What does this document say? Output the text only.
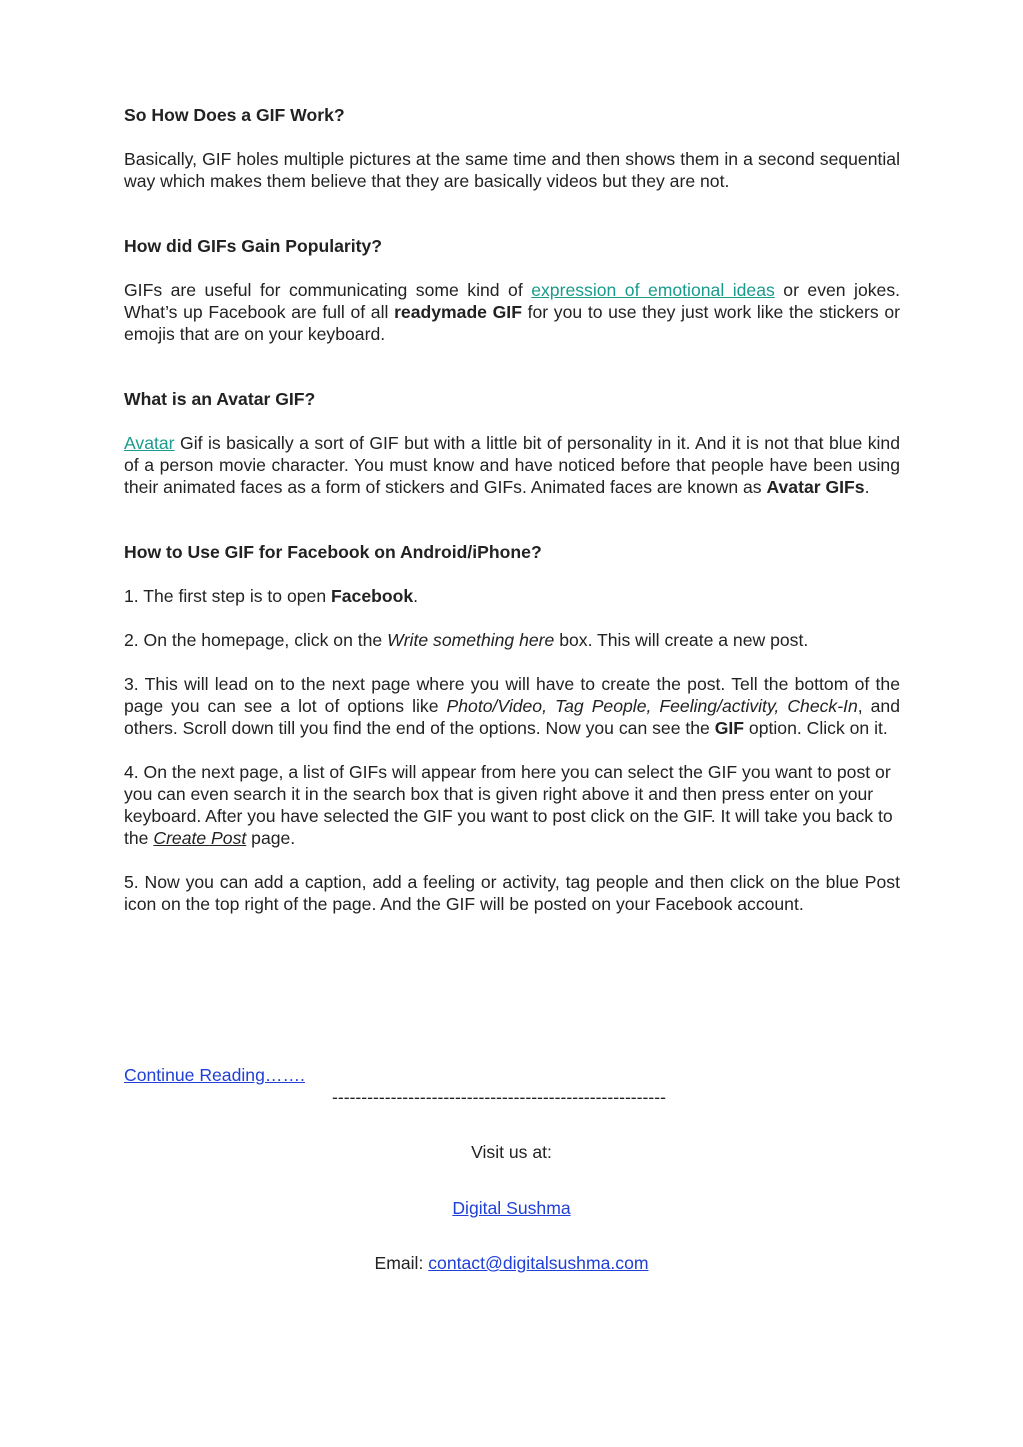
So How Does a GIF Work?

Basically, GIF holes multiple pictures at the same time and then shows them in a second sequential way which makes them believe that they are basically videos but they are not.

How did GIFs Gain Popularity?

GIFs are useful for communicating some kind of expression of emotional ideas or even jokes. What’s up Facebook are full of all readymade GIF for you to use they just work like the stickers or emojis that are on your keyboard.

What is an Avatar GIF?

Avatar Gif is basically a sort of GIF but with a little bit of personality in it. And it is not that blue kind of a person movie character. You must know and have noticed before that people have been using their animated faces as a form of stickers and GIFs. Animated faces are known as Avatar GIFs.

How to Use GIF for Facebook on Android/iPhone?

1. The first step is to open Facebook.

2. On the homepage, click on the Write something here box. This will create a new post.

3. This will lead on to the next page where you will have to create the post. Tell the bottom of the page you can see a lot of options like Photo/Video, Tag People, Feeling/activity, Check-In, and others. Scroll down till you find the end of the options. Now you can see the GIF option. Click on it.

4. On the next page, a list of GIFs will appear from here you can select the GIF you want to post or you can even search it in the search box that is given right above it and then press enter on your keyboard. After you have selected the GIF you want to post click on the GIF. It will take you back to the Create Post page.

5. Now you can add a caption, add a feeling or activity, tag people and then click on the blue Post icon on the top right of the page. And the GIF will be posted on your Facebook account.

Continue Reading…….
---------------------------------------------------------
Visit us at:
Digital Sushma
Email: contact@digitalsushma.com
